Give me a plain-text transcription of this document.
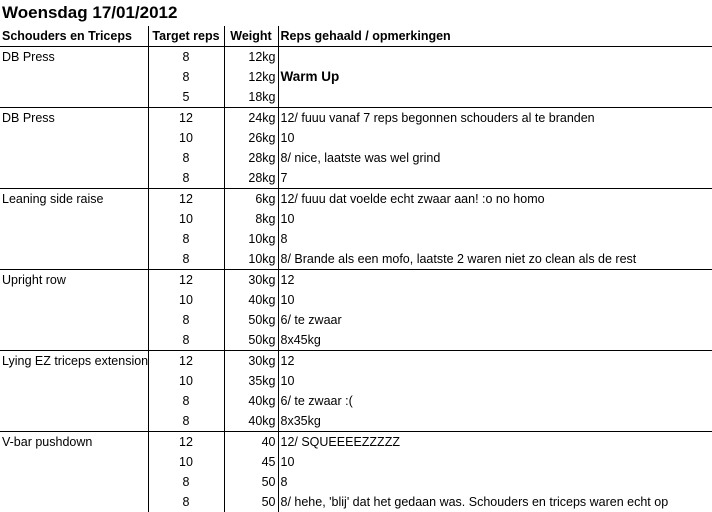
Woensdag 17/01/2012
Schouders en Triceps	Target reps	Weight	Reps gehaald / opmerkingen
DB Press	8	12kg	
	8	12kg	Warm Up
	5	18kg	
DB Press	12	24kg	12/ fuuu vanaf 7 reps begonnen schouders al te branden
	10	26kg	10
	8	28kg	8/ nice, laatste was wel grind
	8	28kg	7
Leaning side raise	12	6kg	12/ fuuu dat voelde echt zwaar aan! :o no homo
	10	8kg	10
	8	10kg	8
	8	10kg	8/ Brande als een mofo, laatste 2 waren niet zo clean als de rest
Upright row	12	30kg	12
	10	40kg	10
	8	50kg	6/ te zwaar
	8	50kg	8x45kg
Lying EZ triceps extension	12	30kg	12
	10	35kg	10
	8	40kg	6/ te zwaar :(
	8	40kg	8x35kg
V-bar pushdown	12	40	12/ SQUEEEEZZZZZ
	10	45	10
	8	50	8
	8	50	8/ hehe, 'blij' dat het gedaan was. Schouders en triceps waren echt op
